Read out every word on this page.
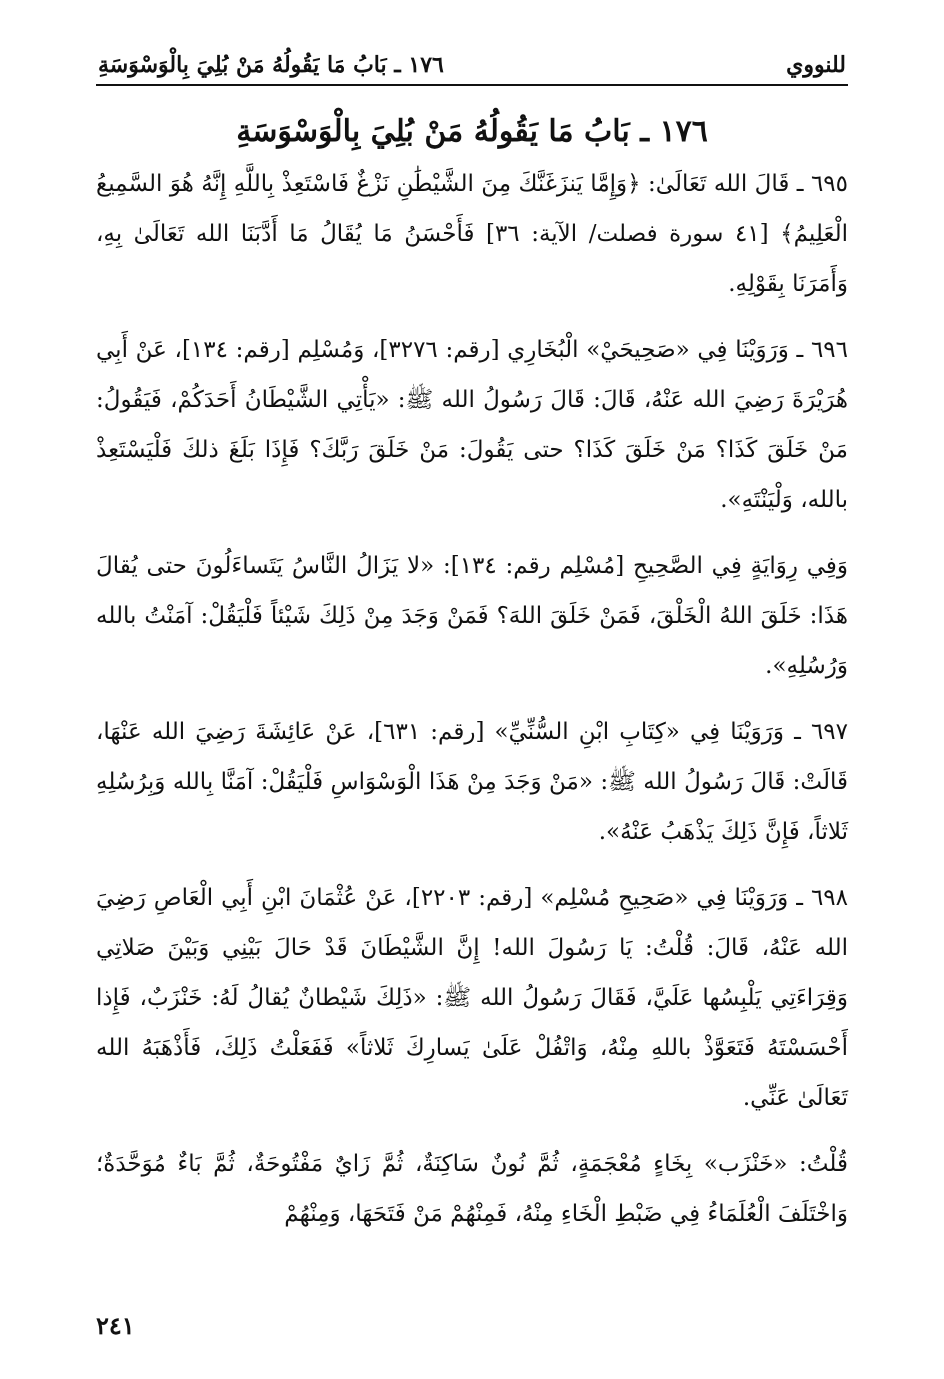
للنووي
١٧٦ ـ بَابُ مَا يَقُولُهُ مَنْ بُلِيَ بِالْوَسْوَسَةِ
١٧٦ ـ بَابُ مَا يَقُولُهُ مَنْ بُلِيَ بِالْوَسْوَسَةِ

٦٩٥ ـ قَالَ الله تَعَالَىٰ: ﴿وَإِمَّا يَنزَغَنَّكَ مِنَ الشَّيْطَٰنِ نَزْغٌ فَاسْتَعِذْ بِاللَّهِ إِنَّهُ هُوَ السَّمِيعُ الْعَلِيمُ﴾ [٤١ سورة فصلت/ الآية: ٣٦] فَأَحْسَنُ مَا يُقَالُ مَا أَدَّبَنَا الله تَعَالَىٰ بِهِ، وَأَمَرَنَا بِقَوْلِهِ.

٦٩٦ ـ وَرَوَيْنَا فِي «صَحِيحَيْ» الْبُخَارِي [رقم: ٣٢٧٦]، وَمُسْلِم [رقم: ١٣٤]، عَنْ أَبِي هُرَيْرَةَ رَضِيَ الله عَنْهُ، قَالَ: قَالَ رَسُولُ الله ﷺ: «يَأْتِي الشَّيْطَانُ أَحَدَكُمْ، فَيَقُولُ: مَنْ خَلَقَ كَذَا؟ مَنْ خَلَقَ كَذَا؟ حتى يَقُولَ: مَنْ خَلَقَ رَبَّكَ؟ فَإِذَا بَلَغَ ذلكَ فَلْيَسْتَعِذْ بالله، وَلْيَنْتَهِ».

وَفِي رِوَايَةٍ فِي الصَّحِيحِ [مُسْلِم رقم: ١٣٤]: «لا يَزَالُ النَّاسُ يَتَساءَلُونَ حتى يُقالَ هَذَا: خَلَقَ اللهُ الْخَلْقَ، فَمَنْ خَلَقَ اللهَ؟ فَمَنْ وَجَدَ مِنْ ذَلِكَ شَيْئاً فَلْيَقُلْ: آمَنْتُ بالله وَرُسُلِهِ».

٦٩٧ ـ وَرَوَيْنَا فِي «كِتَابِ ابْنِ السُّنِّيِّ» [رقم: ٦٣١]، عَنْ عَائِشَةَ رَضِيَ الله عَنْهَا، قَالَتْ: قَالَ رَسُولُ الله ﷺ: «مَنْ وَجَدَ مِنْ هَذَا الْوَسْوَاسِ فَلْيَقُلْ: آمَنَّا بِالله وَبِرُسُلِهِ ثَلاثاً، فَإِنَّ ذَلِكَ يَذْهَبُ عَنْهُ».

٦٩٨ ـ وَرَوَيْنَا فِي «صَحِيحِ مُسْلِم» [رقم: ٢٢٠٣]، عَنْ عُثْمَانَ ابْنِ أَبِي الْعَاصِ رَضِيَ الله عَنْهُ، قَالَ: قُلْتُ: يَا رَسُولَ الله! إِنَّ الشَّيْطَانَ قَدْ حَالَ بَيْنِي وَبَيْنَ صَلاتِي وَقِرَاءَتِي يَلْبِسُها عَلَيَّ، فَقَالَ رَسُولُ الله ﷺ: «ذَلِكَ شَيْطانٌ يُقالُ لَهُ: خَنْزَبٌ، فَإِذا أَحْسَسْتَهُ فَتَعَوَّذْ باللهِ مِنْهُ، وَاتْفُلْ عَلَىٰ يَسارِكَ ثَلاثاً» فَفَعَلْتُ ذَلِكَ، فَأَذْهَبَهُ الله تَعَالَىٰ عَنِّي.

قُلْتُ: «خَنْزَب» بِخَاءٍ مُعْجَمَةٍ، ثُمَّ نُونٌ سَاكِنَةٌ، ثُمَّ زَايٌ مَفْتُوحَةٌ، ثُمَّ بَاءٌ مُوَحَّدَةٌ؛ وَاخْتَلَفَ الْعُلَمَاءُ فِي ضَبْطِ الْخَاءِ مِنْهُ، فَمِنْهُمْ مَنْ فَتَحَهَا، وَمِنْهُمْ

٢٤١
